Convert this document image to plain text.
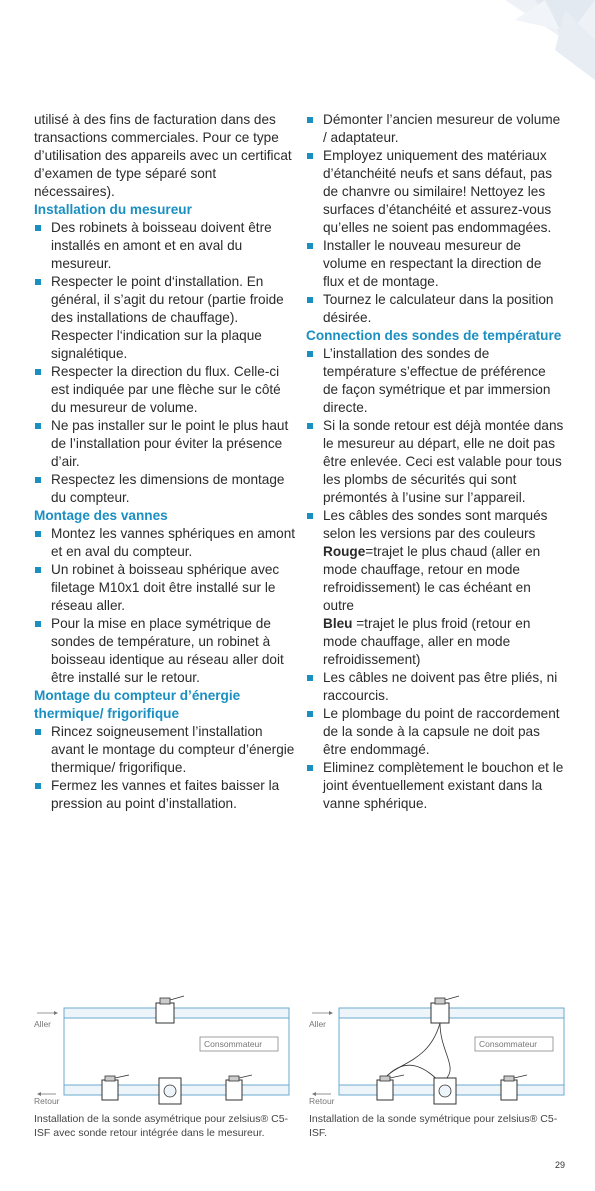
utilisé à des fins de facturation dans des transactions commerciales. Pour ce type d’utilisation des appareils avec un certificat d’examen de type séparé sont nécessaires).

Installation du mesureur

Des robinets à boisseau doivent être installés en amont et en aval du mesureur.
Respecter le point d‘installation. En général, il s’agit du retour (partie froide des installations de chauffage). Respecter l‘indication sur la plaque signalétique.
Respecter la direction du flux. Celle-ci est indiquée par une flèche sur le côté du mesureur de volume.
Ne pas installer sur le point le plus haut de l’installation pour éviter la présence d’air.
Respectez les dimensions de montage du compteur.

Montage des vannes

Montez les vannes sphériques en amont et en aval du compteur.
Un robinet à boisseau sphérique avec filetage M10x1 doit être installé sur le réseau aller.
Pour la mise en place symétrique de sondes de température, un robinet à boisseau identique au réseau aller doit être installé sur le retour.

Montage du compteur d’énergie thermique/ frigorifique

Rincez soigneusement l’installation avant le montage du compteur d’énergie thermique/ frigorifique.
Fermez les vannes et faites baisser la pression au point d’installation.
Démonter l’ancien mesureur de volume / adaptateur.
Employez uniquement des matériaux d’étanchéité neufs et sans défaut, pas de chanvre ou similaire! Nettoyez les surfaces d’étanchéité et assurez-vous qu’elles ne soient pas endommagées.
Installer le nouveau mesureur de volume en respectant la direction de flux et de montage.
Tournez le calculateur dans la position désirée.

Connection des sondes de température

L’installation des sondes de température s’effectue de préférence de façon symétrique et par immersion directe.
Si la sonde retour est déjà montée dans le mesureur au départ, elle ne doit pas être enlevée. Ceci est valable pour tous les plombs de sécurités qui sont prémontés à l’usine sur l’appareil.
Les câbles des sondes sont marqués selon les versions par des couleurs
Rouge=trajet le plus chaud (aller en mode chauffage, retour en mode refroidissement) le cas échéant en outre
Bleu =trajet le plus froid (retour en mode chauffage, aller en mode refroidissement)
Les câbles ne doivent pas être pliés, ni raccourcis.
Le plombage du point de raccordement de la sonde à la capsule ne doit pas être endommagé.
Eliminez complètement le bouchon et le joint éventuellement existant dans la vanne sphérique.
Aller
Consommateur
Retour
Aller
Consommateur
Retour
Installation de la sonde asymétrique pour zelsius® C5-ISF avec sonde retour intégrée dans le mesureur.
Installation de la sonde symétrique pour zelsius® C5-ISF.
29
